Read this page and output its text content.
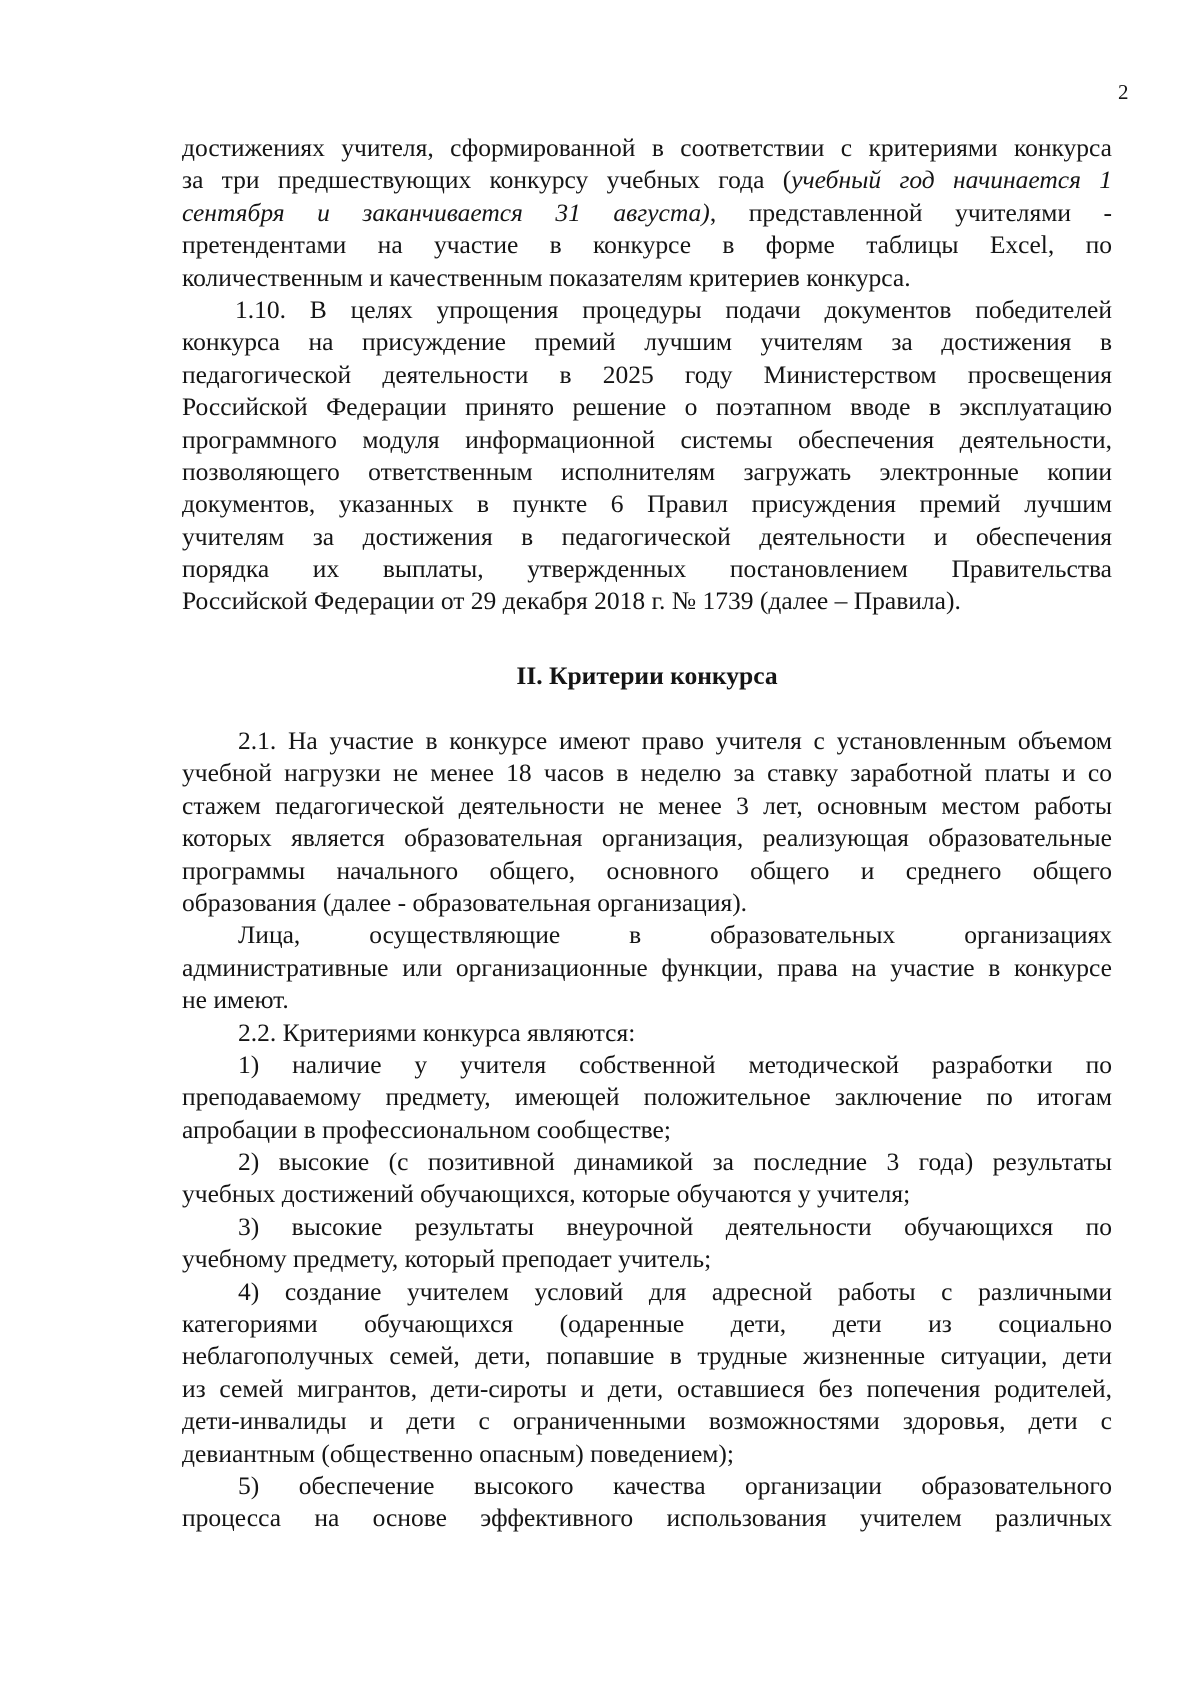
2
достижениях учителя, сформированной в соответствии с критериями конкурса
за три предшествующих конкурсу учебных года (учебный год начинается 1
сентября и заканчивается 31 августа), представленной учителями -
претендентами на участие в конкурсе в форме таблицы Excel, по
количественным и качественным показателям критериев конкурса.
1.10. В целях упрощения процедуры подачи документов победителей
конкурса на присуждение премий лучшим учителям за достижения в
педагогической деятельности в 2025 году Министерством просвещения
Российской Федерации принято решение о поэтапном вводе в эксплуатацию
программного модуля информационной системы обеспечения деятельности,
позволяющего ответственным исполнителям загружать электронные копии
документов, указанных в пункте 6 Правил присуждения премий лучшим
учителям за достижения в педагогической деятельности и обеспечения
порядка их выплаты, утвержденных постановлением Правительства
Российской Федерации от 29 декабря 2018 г. № 1739 (далее – Правила).
II. Критерии конкурса
2.1. На участие в конкурсе имеют право учителя с установленным объемом
учебной нагрузки не менее 18 часов в неделю за ставку заработной платы и со
стажем педагогической деятельности не менее 3 лет, основным местом работы
которых является образовательная организация, реализующая образовательные
программы начального общего, основного общего и среднего общего
образования (далее - образовательная организация).
Лица, осуществляющие в образовательных организациях
административные или организационные функции, права на участие в конкурсе
не имеют.
2.2. Критериями конкурса являются:
1) наличие у учителя собственной методической разработки по
преподаваемому предмету, имеющей положительное заключение по итогам
апробации в профессиональном сообществе;
2) высокие (с позитивной динамикой за последние 3 года) результаты
учебных достижений обучающихся, которые обучаются у учителя;
3) высокие результаты внеурочной деятельности обучающихся по
учебному предмету, который преподает учитель;
4) создание учителем условий для адресной работы с различными
категориями обучающихся (одаренные дети, дети из социально
неблагополучных семей, дети, попавшие в трудные жизненные ситуации, дети
из семей мигрантов, дети-сироты и дети, оставшиеся без попечения родителей,
дети-инвалиды и дети с ограниченными возможностями здоровья, дети с
девиантным (общественно опасным) поведением);
5) обеспечение высокого качества организации образовательного
процесса на основе эффективного использования учителем различных
